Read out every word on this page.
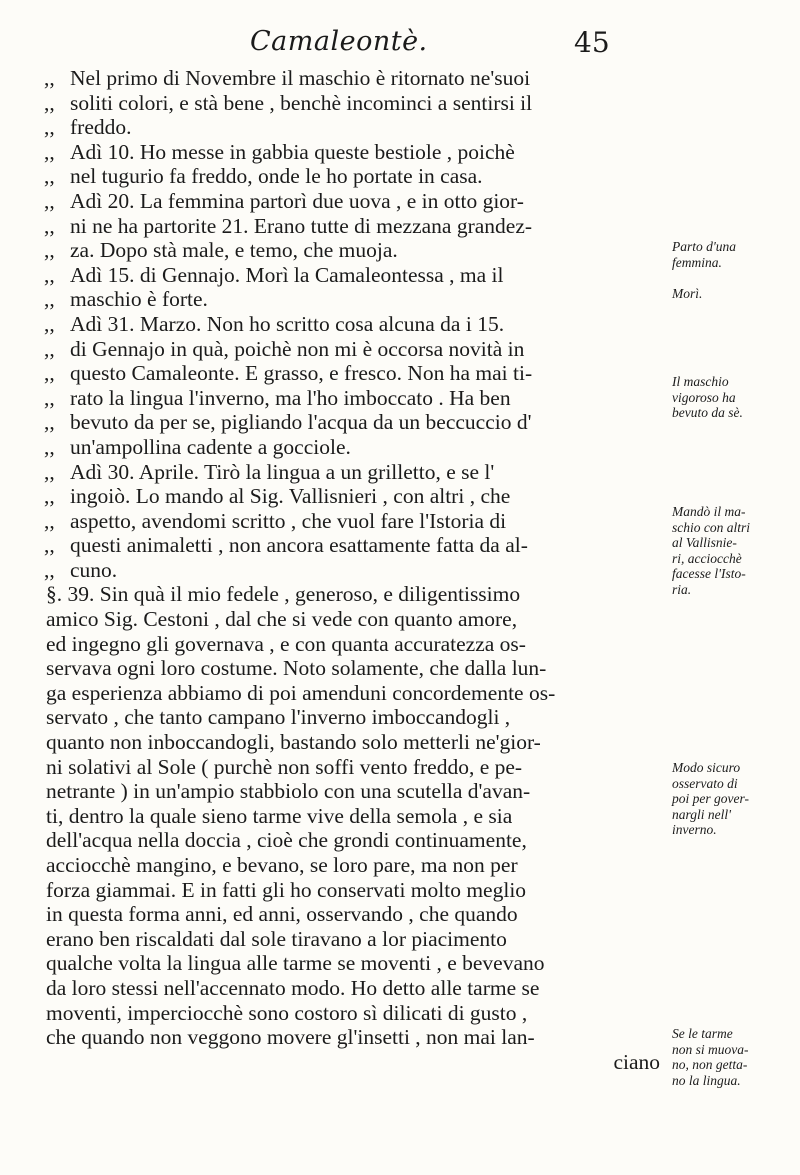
Camaleontè.	45
,, Nel primo di Novembre il maschio è ritornato ne'suoi
,, soliti colori, e stà bene , benchè incominci a sentirsi il
,, freddo.
,, Adì 10. Ho messe in gabbia queste bestiole , poichè
,, nel tugurio fa freddo, onde le ho portate in casa.
,, Adì 20. La femmina partorì due uova , e in otto gior-
,, ni ne ha partorite 21. Erano tutte di mezzana grandez-
,, za. Dopo stà male, e temo, che muoja.
,, Adì 15. di Gennajo. Morì la Camaleontessa , ma il
,, maschio è forte.
,, Adì 31. Marzo. Non ho scritto cosa alcuna da i 15.
,, di Gennajo in quà, poichè non mi è occorsa novità in
,, questo Camaleonte. E grasso, e fresco. Non ha mai ti-
,, rato la lingua l'inverno, ma l'ho imboccato . Ha ben
,, bevuto da per se, pigliando l'acqua da un beccuccio d'
,, un'ampollina cadente a gocciole.
,, Adì 30. Aprile. Tirò la lingua a un grilletto, e se l'
,, ingoiò. Lo mando al Sig. Vallisnieri , con altri , che
,, aspetto, avendomi scritto , che vuol fare l'Istoria di
,, questi animaletti , non ancora esattamente fatta da al-
,, cuno.
§. 39. Sin quà il mio fedele , generoso, e diligentissimo
amico Sig. Cestoni , dal che si vede con quanto amore,
ed ingegno gli governava , e con quanta accuratezza os-
servava ogni loro costume. Noto solamente, che dalla lun-
ga esperienza abbiamo di poi amenduni concordemente os-
servato , che tanto campano l'inverno imboccandogli ,
quanto non inboccandogli, bastando solo metterli ne'gior-
ni solativi al Sole ( purchè non soffi vento freddo, e pe-
netrante ) in un'ampio stabbiolo con una scutella d'avan-
ti, dentro la quale sieno tarme vive della semola , e sia
dell'acqua nella doccia , cioè che grondi continuamente,
acciocchè mangino, e bevano, se loro pare, ma non per
forza giammai. E in fatti gli ho conservati molto meglio
in questa forma anni, ed anni, osservando , che quando
erano ben riscaldati dal sole tiravano a lor piacimento
qualche volta la lingua alle tarme se moventi , e bevevano
da loro stessi nell'accennato modo. Ho detto alle tarme se
moventi, imperciocchè sono costoro sì dilicati di gusto ,
che quando non veggono movere gl'insetti , non mai lan-
ciano
Parto d'una
femmina.
Morì.
Il maschio
vigoroso ha
bevuto da sè.
Mandò il ma-
schio con altri
al Vallisnie-
ri, acciocchè
facesse l'Isto-
ria.
Modo sicuro
osservato di
poi per gover-
nargli nell'
inverno.
Se le tarme
non si muova-
no, non getta-
no la lingua.
